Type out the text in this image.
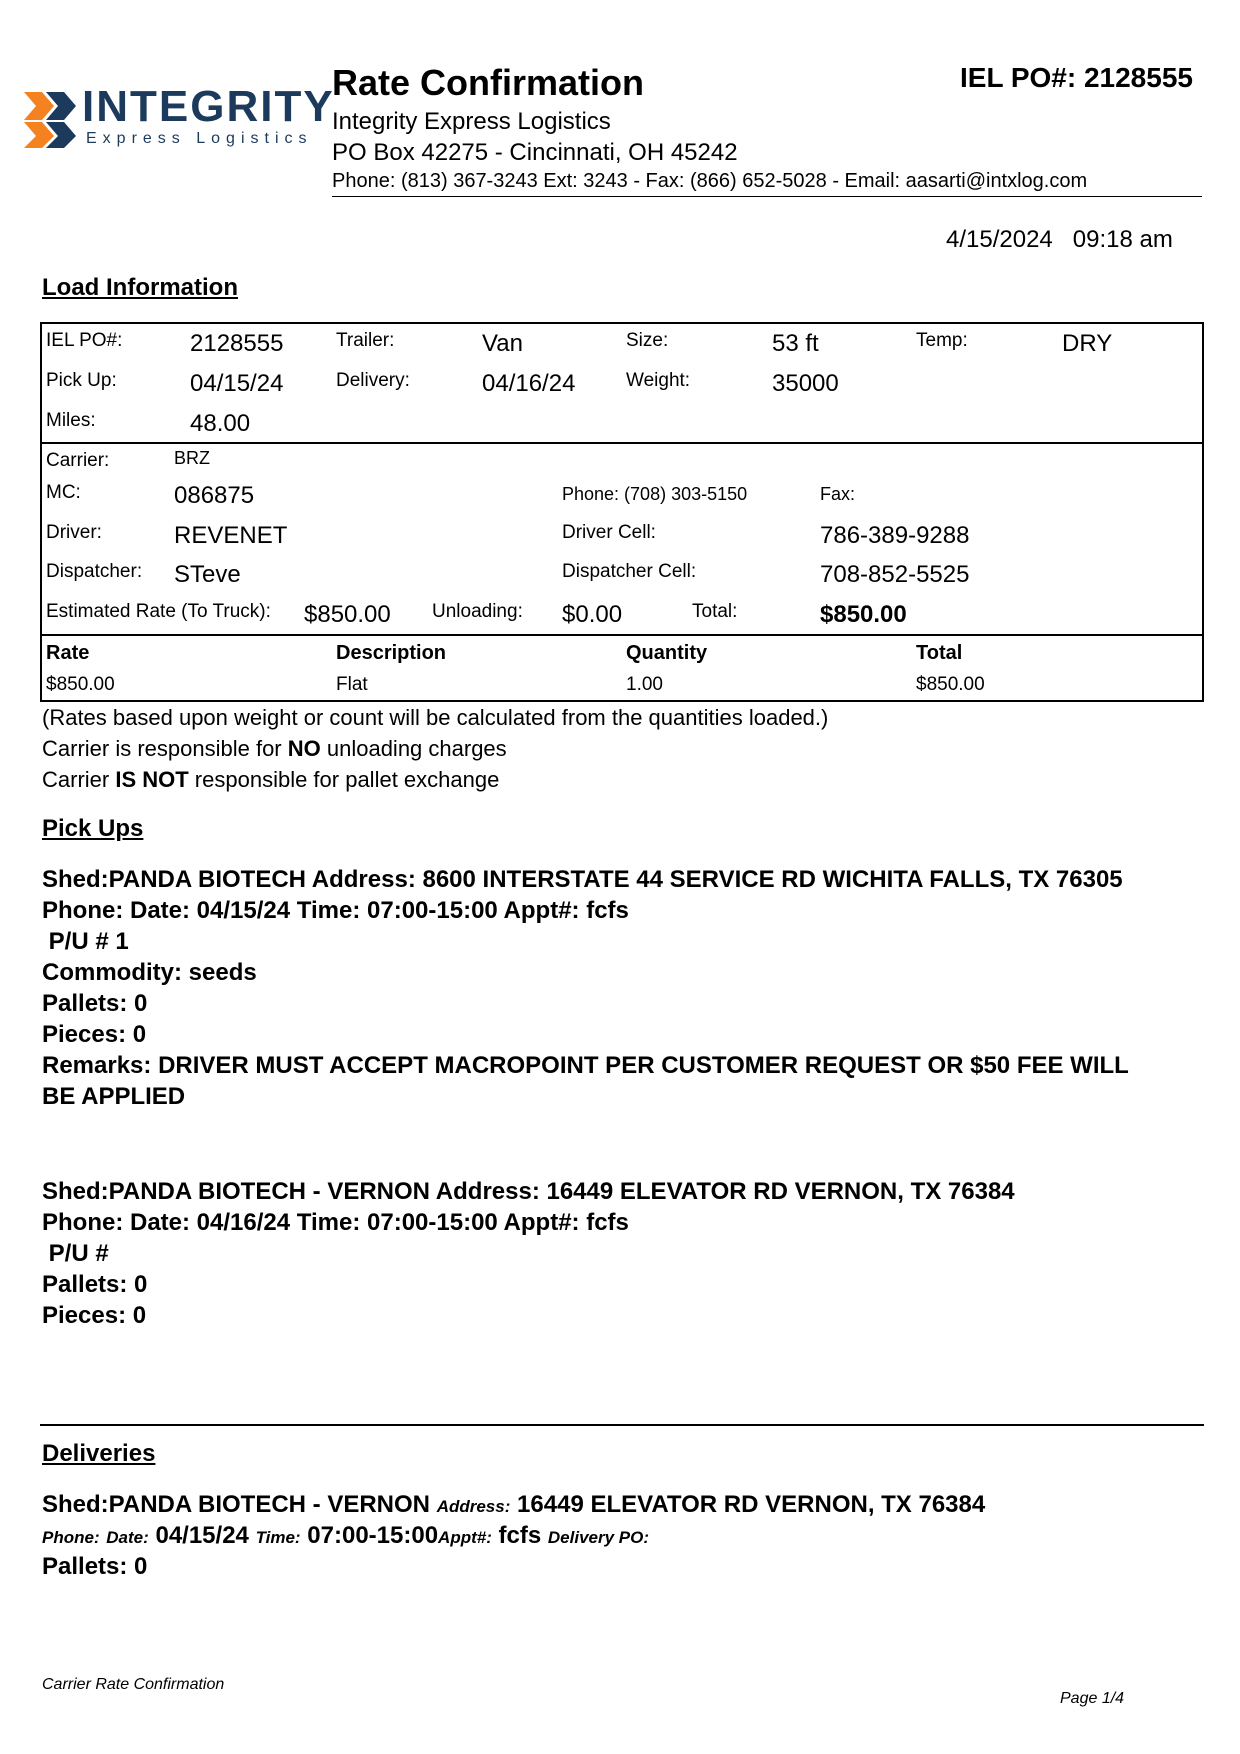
INTEGRITY
Express Logistics
Rate Confirmation	IEL PO#: 2128555
Integrity Express Logistics
PO Box 42275 - Cincinnati, OH 45242
Phone: (813) 367-3243 Ext: 3243 - Fax: (866) 652-5028 - Email: aasarti@intxlog.com
4/15/2024 09:18 am
Load Information
IEL PO#:	2128555	Trailer:	Van	Size:	53 ft	Temp:	DRY
Pick Up:	04/15/24	Delivery:	04/16/24	Weight:	35000
Miles:	48.00
Carrier:	BRZ
MC:	086875	Phone: (708) 303-5150	Fax:
Driver:	REVENET	Driver Cell:	786-389-9288
Dispatcher: STeve	Dispatcher Cell:	708-852-5525
Estimated Rate (To Truck): $850.00 Unloading: $0.00	Total:	$850.00
Rate	Description	Quantity	Total
$850.00	Flat	1.00	$850.00
(Rates based upon weight or count will be calculated from the quantities loaded.)
Carrier is responsible for NO unloading charges
Carrier IS NOT responsible for pallet exchange
Pick Ups
Shed:PANDA BIOTECH Address: 8600 INTERSTATE 44 SERVICE RD WICHITA FALLS, TX 76305
Phone: Date: 04/15/24 Time: 07:00-15:00 Appt#: fcfs
P/U # 1
Commodity: seeds
Pallets: 0
Pieces: 0
Remarks: DRIVER MUST ACCEPT MACROPOINT PER CUSTOMER REQUEST OR $50 FEE WILL
BE APPLIED
Shed:PANDA BIOTECH - VERNON Address: 16449 ELEVATOR RD VERNON, TX 76384
Phone: Date: 04/16/24 Time: 07:00-15:00 Appt#: fcfs
P/U #
Pallets: 0
Pieces: 0
Deliveries
Shed:PANDA BIOTECH - VERNON Address: 16449 ELEVATOR RD VERNON, TX 76384
Phone: Date: 04/15/24 Time: 07:00-15:00Appt#: fcfs Delivery PO:
Pallets: 0
Carrier Rate Confirmation
Page 1/4
